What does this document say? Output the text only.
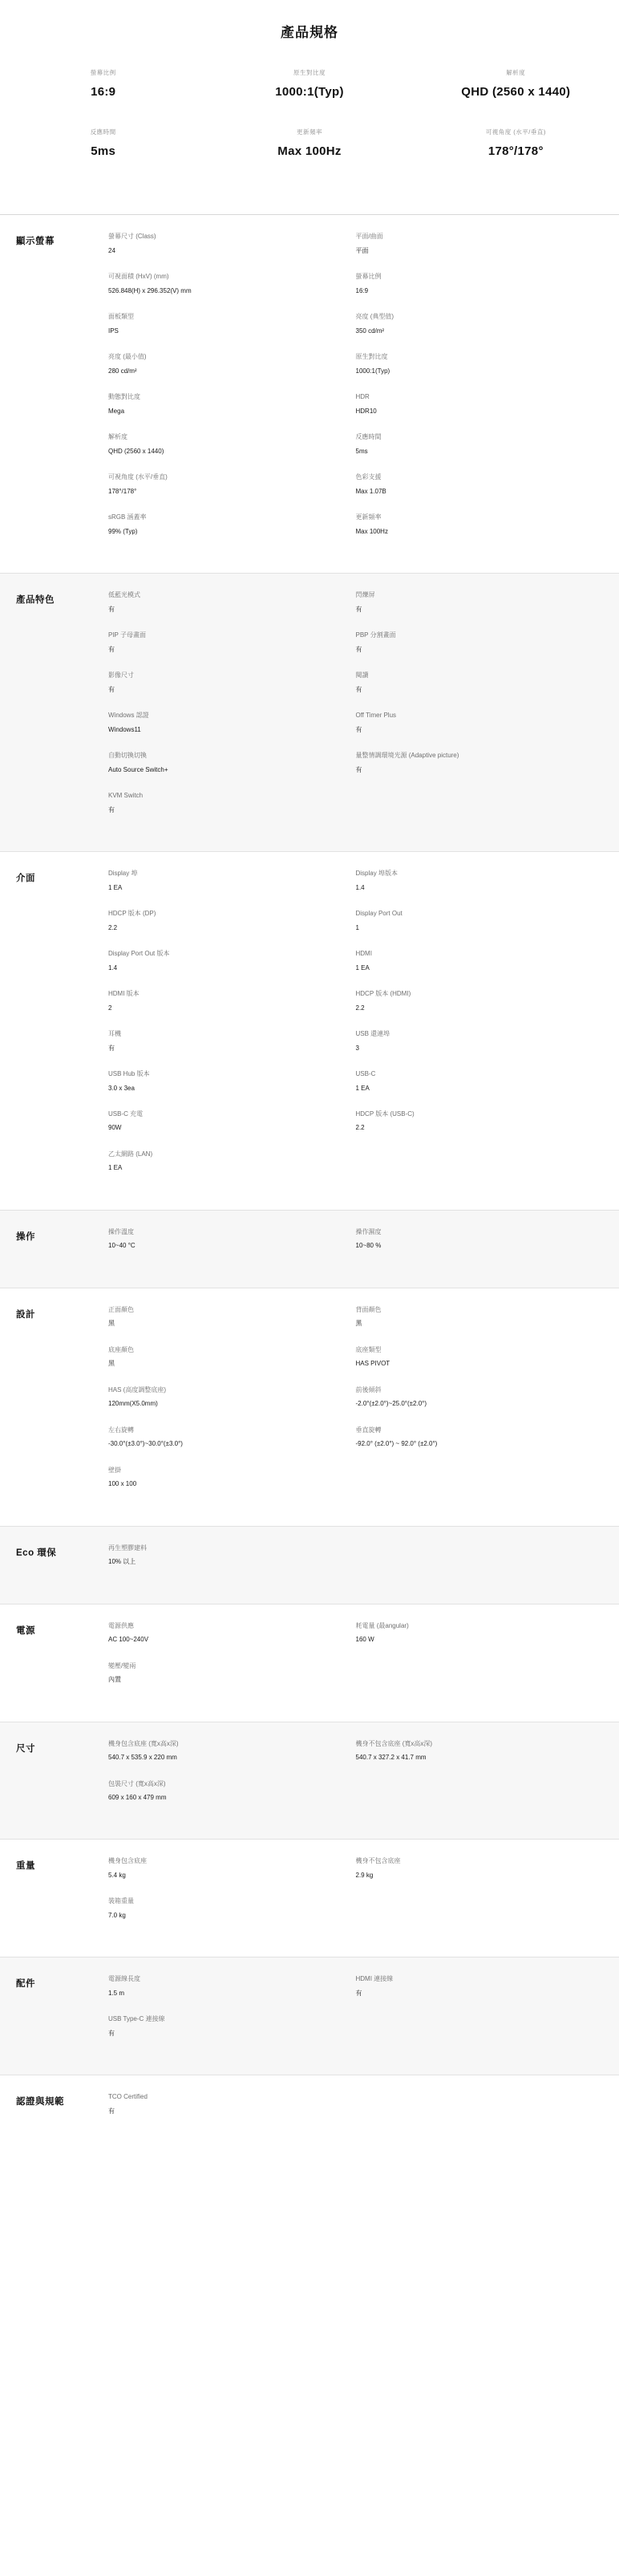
產品規格
螢幕比例
16:9
原生對比度
1000:1(Typ)
解析度
QHD (2560 x 1440)
反應時間
5ms
更新頻率
Max 100Hz
可視角度 (水平/垂直)
178°/178°
顯示螢幕
螢幕尺寸 (Class)
24
平面/曲面
平面
可視面積 (HxV) (mm)
526.848(H) x 296.352(V) mm
螢幕比例
16:9
面板類型
IPS
亮度 (典型值)
350 cd/m²
亮度 (最小值)
280 cd/m²
原生對比度
1000:1(Typ)
動態對比度
Mega
HDR
HDR10
解析度
QHD (2560 x 1440)
反應時間
5ms
可視角度 (水平/垂直)
178°/178°
色彩支援
Max 1.07B
sRGB 涵蓋率
99% (Typ)
更新頻率
Max 100Hz
產品特色
低藍光模式
有
閃爍屏
有
PIP 子母畫面
有
PBP 分割畫面
有
影像尺寸
有
閱讀
有
Windows 認證
Windows11
Off Timer Plus
有
自動切換切換
Auto Source Switch+
量整情調環境光源 (Adaptive picture)
有
KVM Switch
有
介面
Display 埠
1 EA
Display 埠版本
1.4
HDCP 版本 (DP)
2.2
Display Port Out
1
Display Port Out 版本
1.4
HDMI
1 EA
HDMI 版本
2
HDCP 版本 (HDMI)
2.2
耳機
有
USB 還連埠
3
USB Hub 版本
3.0 x 3ea
USB-C
1 EA
USB-C 充電
90W
HDCP 版本 (USB-C)
2.2
乙太網路 (LAN)
1 EA
操作
操作溫度
10~40 °C
操作濕度
10~80 %
設計
正面顏色
黑
背面顏色
黑
底座顏色
黑
底座類型
HAS PIVOT
HAS (高度調整底座)
120mm(X5.0mm)
前後傾斜
-2.0°(±2.0°)~25.0°(±2.0°)
左右旋轉
-30.0°(±3.0°)~30.0°(±3.0°)
垂直旋轉
-92.0° (±2.0°) ~ 92.0° (±2.0°)
壁掛
100 x 100
Eco 環保
再生塑膠建料
10% 以上
電源
電源供應
AC 100~240V
耗電量 (最angular)
160 W
變壓/變兩
內置
尺寸
機身包含底座 (寬x高x深)
540.7 x 535.9 x 220 mm
機身不包含底座 (寬x高x深)
540.7 x 327.2 x 41.7 mm
包裝尺寸 (寬x高x深)
609 x 160 x 479 mm
重量
機身包含底座
5.4 kg
機身不包含底座
2.9 kg
裝箱重量
7.0 kg
配件
電源線長度
1.5 m
HDMI 連接線
有
USB Type-C 連接線
有
認證與規範
TCO Certified
有
